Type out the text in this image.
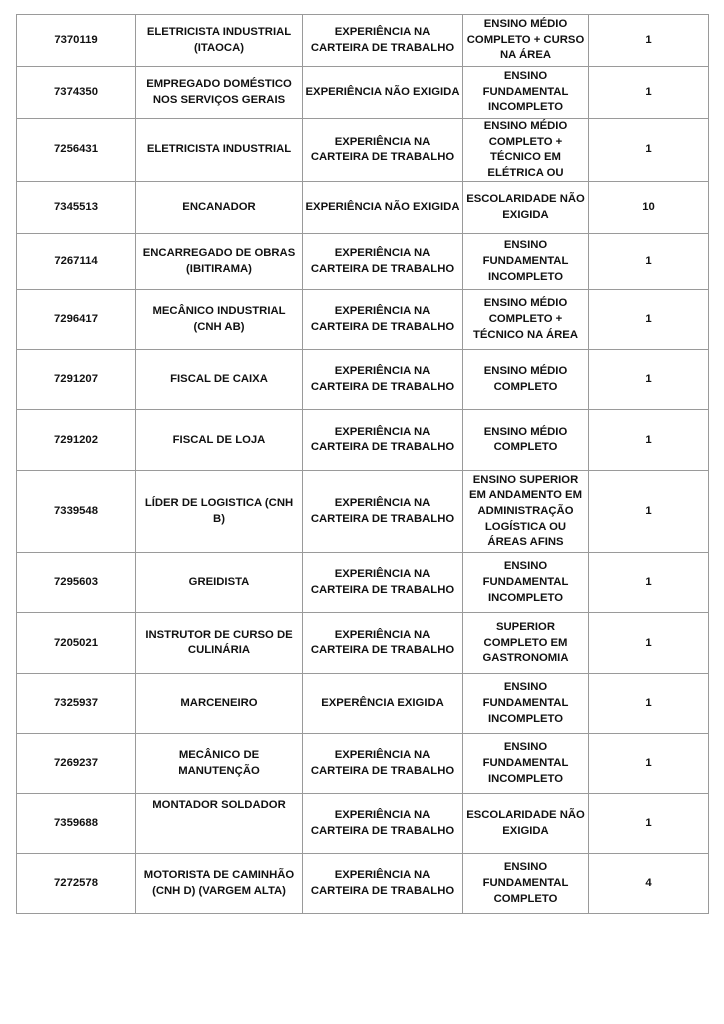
7370119	ELETRICISTA INDUSTRIAL (ITAOCA)	EXPERIÊNCIA NA CARTEIRA DE TRABALHO	ENSINO MÉDIO COMPLETO + CURSO NA ÁREA	1
7374350	EMPREGADO DOMÉSTICO NOS SERVIÇOS GERAIS	EXPERIÊNCIA NÃO EXIGIDA	ENSINO FUNDAMENTAL INCOMPLETO	1
7256431	ELETRICISTA INDUSTRIAL	EXPERIÊNCIA NA CARTEIRA DE TRABALHO	ENSINO MÉDIO COMPLETO + TÉCNICO EM ELÉTRICA OU	1
7345513	ENCANADOR	EXPERIÊNCIA NÃO EXIGIDA	ESCOLARIDADE NÃO EXIGIDA	10
7267114	ENCARREGADO DE OBRAS (IBITIRAMA)	EXPERIÊNCIA NA CARTEIRA DE TRABALHO	ENSINO FUNDAMENTAL INCOMPLETO	1
7296417	MECÂNICO INDUSTRIAL (CNH AB)	EXPERIÊNCIA NA CARTEIRA DE TRABALHO	ENSINO MÉDIO COMPLETO + TÉCNICO NA ÁREA	1
7291207	FISCAL DE CAIXA	EXPERIÊNCIA NA CARTEIRA DE TRABALHO	ENSINO MÉDIO COMPLETO	1
7291202	FISCAL DE LOJA	EXPERIÊNCIA NA CARTEIRA DE TRABALHO	ENSINO MÉDIO COMPLETO	1
7339548	LÍDER DE LOGISTICA (CNH B)	EXPERIÊNCIA NA CARTEIRA DE TRABALHO	ENSINO SUPERIOR EM ANDAMENTO EM ADMINISTRAÇÃO LOGÍSTICA OU ÁREAS AFINS	1
7295603	GREIDISTA	EXPERIÊNCIA NA CARTEIRA DE TRABALHO	ENSINO FUNDAMENTAL INCOMPLETO	1
7205021	INSTRUTOR DE CURSO DE CULINÁRIA	EXPERIÊNCIA NA CARTEIRA DE TRABALHO	SUPERIOR COMPLETO EM GASTRONOMIA	1
7325937	MARCENEIRO	EXPERÊNCIA EXIGIDA	ENSINO FUNDAMENTAL INCOMPLETO	1
7269237	MECÂNICO DE MANUTENÇÃO	EXPERIÊNCIA NA CARTEIRA DE TRABALHO	ENSINO FUNDAMENTAL INCOMPLETO	1
7359688	MONTADOR SOLDADOR	EXPERIÊNCIA NA CARTEIRA DE TRABALHO	ESCOLARIDADE NÃO EXIGIDA	1
7272578	MOTORISTA DE CAMINHÃO (CNH D) (VARGEM ALTA)	EXPERIÊNCIA NA CARTEIRA DE TRABALHO	ENSINO FUNDAMENTAL COMPLETO	4
